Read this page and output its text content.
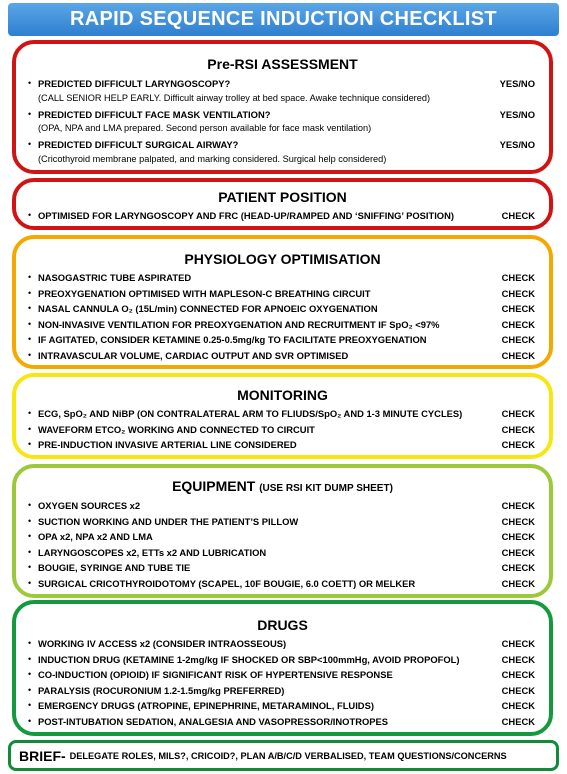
RAPID SEQUENCE INDUCTION CHECKLIST
Pre-RSI ASSESSMENT
• PREDICTED DIFFICULT LARYNGOSCOPY?	YES/NO
(CALL SENIOR HELP EARLY. Difficult airway trolley at bed space. Awake technique considered)
• PREDICTED DIFFICULT FACE MASK VENTILATION?	YES/NO
(OPA, NPA and LMA prepared. Second person available for face mask ventilation)
• PREDICTED DIFFICULT SURGICAL AIRWAY?	YES/NO
(Cricothyroid membrane palpated, and marking considered. Surgical help considered)
PATIENT POSITION
• OPTIMISED FOR LARYNGOSCOPY AND FRC (HEAD-UP/RAMPED AND ‘SNIFFING’ POSITION)	CHECK
PHYSIOLOGY OPTIMISATION
• NASOGASTRIC TUBE ASPIRATED	CHECK
• PREOXYGENATION OPTIMISED WITH MAPLESON-C BREATHING CIRCUIT	CHECK
• NASAL CANNULA O₂ (15L/min) CONNECTED FOR APNOEIC OXYGENATION	CHECK
• NON-INVASIVE VENTILATION FOR PREOXYGENATION AND RECRUITMENT IF SpO₂ <97%	CHECK
• IF AGITATED, CONSIDER KETAMINE 0.25-0.5mg/kg TO FACILITATE PREOXYGENATION	CHECK
• INTRAVASCULAR VOLUME, CARDIAC OUTPUT AND SVR OPTIMISED	CHECK
MONITORING
• ECG, SpO₂ AND NiBP (ON CONTRALATERAL ARM TO FLIUDS/SpO₂ AND 1-3 MINUTE CYCLES)	CHECK
• WAVEFORM ETCO₂ WORKING AND CONNECTED TO CIRCUIT	CHECK
• PRE-INDUCTION INVASIVE ARTERIAL LINE CONSIDERED	CHECK
EQUIPMENT (USE RSI KIT DUMP SHEET)
• OXYGEN SOURCES x2	CHECK
• SUCTION WORKING AND UNDER THE PATIENT’S PILLOW	CHECK
• OPA x2, NPA x2 AND LMA	CHECK
• LARYNGOSCOPES x2, ETTs x2 AND LUBRICATION	CHECK
• BOUGIE, SYRINGE AND TUBE TIE	CHECK
• SURGICAL CRICOTHYROIDOTOMY (SCAPEL, 10F BOUGIE, 6.0 COETT) OR MELKER	CHECK
DRUGS
• WORKING IV ACCESS x2 (CONSIDER INTRAOSSEOUS)	CHECK
• INDUCTION DRUG (KETAMINE 1-2mg/kg IF SHOCKED OR SBP<100mmHg, AVOID PROPOFOL)	CHECK
• CO-INDUCTION (OPIOID) IF SIGNIFICANT RISK OF HYPERTENSIVE RESPONSE	CHECK
• PARALYSIS (ROCURONIUM 1.2-1.5mg/kg PREFERRED)	CHECK
• EMERGENCY DRUGS (ATROPINE, EPINEPHRINE, METARAMINOL, FLUIDS)	CHECK
• POST-INTUBATION SEDATION, ANALGESIA AND VASOPRESSOR/INOTROPES	CHECK
BRIEF- DELEGATE ROLES, MILS?, CRICOID?, PLAN A/B/C/D VERBALISED, TEAM QUESTIONS/CONCERNS
